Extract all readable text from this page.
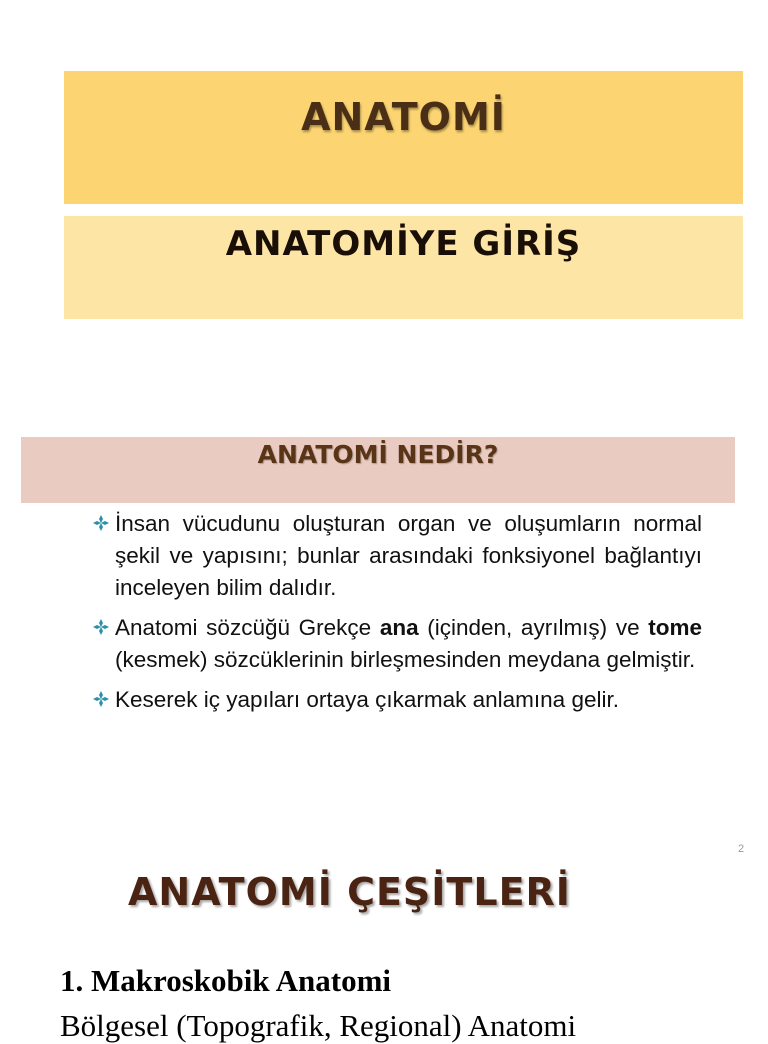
ANATOMİ
ANATOMİYE GİRİŞ
ANATOMİ NEDİR?
İnsan vücudunu oluşturan organ ve oluşumların normal şekil ve yapısını; bunlar arasındaki fonksiyonel bağlantıyı inceleyen bilim dalıdır.
Anatomi sözcüğü Grekçe ana (içinden, ayrılmış) ve tome (kesmek) sözcüklerinin birleşmesinden meydana gelmiştir.
Keserek iç yapıları ortaya çıkarmak anlamına gelir.
2
ANATOMİ ÇEŞİTLERİ
1. Makroskobik Anatomi
Bölgesel (Topografik, Regional) Anatomi
